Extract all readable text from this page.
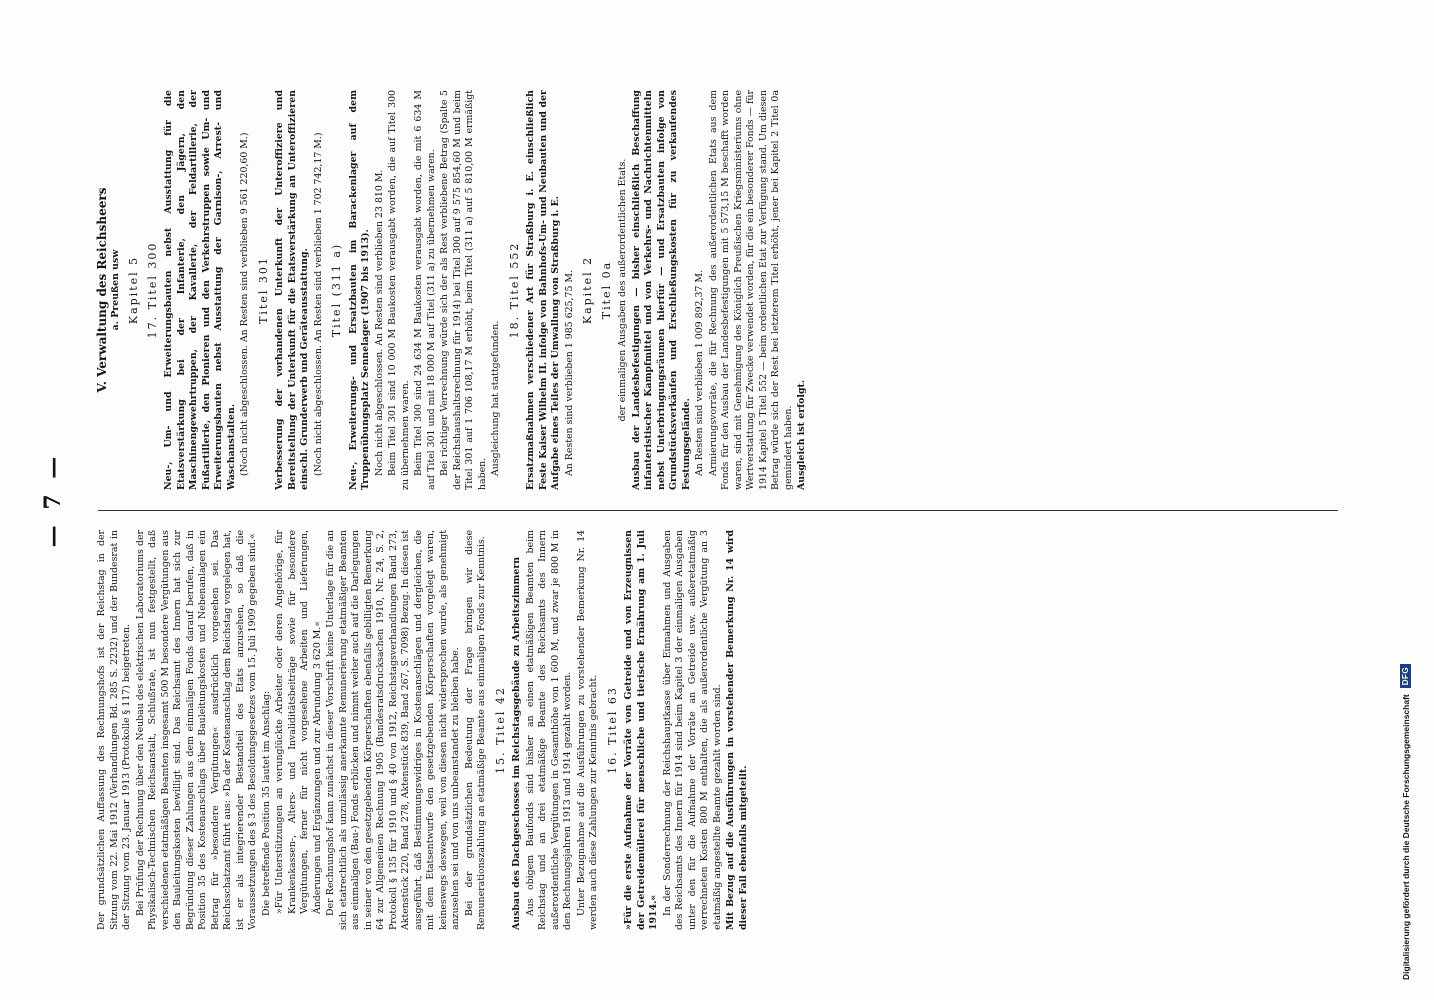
— 7 —

Der grundsätzlichen Auffassung des Rechnungshofs ist der Reichstag in der Sitzung vom 22. Mai 1912 (Verhandlungen Bd. 285 S. 2232) und der Bundesrat in der Sitzung vom 23. Januar 1913 (Protokolle § 117) beigetreten. Bei Prüfung der Rechnung über den Neubau des elektrischen Laboratoriums der Physikalisch-Technischen Reichsanstalt, Schlußrate, ist nun festgestellt, daß verschiedenen etatmäßigen Beamten insgesamt 500 M besondere Vergütungen aus den Bauleitungskosten bewilligt sind. Das Reichsamt des Innern hat sich zur Begründung dieser Zahlungen aus dem einmaligen Fonds darauf berufen, daß in Position 35 des Kostenanschlags über Bauleitungskosten und Nebenanlagen ein Betrag für »besondere Vergütungen« ausdrücklich vorgesehen sei. Das Reichsschatzamt führt aus: »Da der Kostenanschlag dem Reichstag vorgelegen hat, ist er als integrierender Bestandteil des Etats anzusehen, so daß die Voraussetzungen des § 3 des Besoldungsgesetzes vom 15. Juli 1909 gegeben sind.« Die betreffende Position 35 lautet im Anschlag: »Für Unterstützungen an verunglückte Arbeiter oder deren Angehörige, für Krankenkassen-, Alters- und Invaliditätsbeiträge sowie für besondere Vergütungen, ferner für nicht vorgesehene Arbeiten und Lieferungen, Änderungen und Ergänzungen und zur Abrundung 3 620 M.« Der Rechnungshof kann zunächst in dieser Vorschrift keine Unterlage für die an sich etatrechtlich als unzulässig anerkannte Remunerierung etatmäßiger Beamten aus einmaligen (Bau-) Fonds erblicken und nimmt weiter auch auf die Darlegungen in seiner von den gesetzgebenden Körperschaften ebenfalls gebilligten Bemerkung 64 zur Allgemeinen Rechnung 1905 (Bundesratsdrucksachen 1910, Nr. 24, S. 2, Protokoll § 135 für 1910 und § 40 von 1912, Reichstagsverhandlungen Band 273, Aktenstück 220, Band 278, Aktenstück 839, Band 267, S. 7098) Bezug. In diesen ist ausgeführt, daß Bestimmungswidriges in Kostenanschlägen und dergleichen, die mit dem Etatsentwurfe den gesetzgebenden Körperschaften vorgelegt waren, keineswegs deswegen, weil von diesen nicht widersprochen wurde, als genehmigt anzusehen sei und von uns unbeanstandet zu bleiben habe. Bei der grundsätzlichen Bedeutung der Frage bringen wir diese Remunerationszahlung an etatmäßige Beamte aus einmaligen Fonds zur Kenntnis. 15. Titel 42 Ausbau des Dachgeschosses im Reichstagsgebäude zu Arbeitszimmern Aus obigem Baufonds sind bisher an einen etatmäßigen Beamten beim Reichstag und an drei etatmäßige Beamte des Reichsamts des Innern außerordentliche Vergütungen in Gesamthöhe von 1 600 M, und zwar je 800 M in den Rechnungsjahren 1913 und 1914 gezahlt worden. Unter Bezugnahme auf die Ausführungen zu vorstehender Bemerkung Nr. 14 werden auch diese Zahlungen zur Kenntnis gebracht. 16. Titel 63 »Für die erste Aufnahme der Vorräte von Getreide und von Erzeugnissen der Getreidemüllerei für menschliche und tierische Ernährung am 1. Juli 1914.« In der Sonderrechnung der Reichshauptkasse über Einnahmen und Ausgaben des Reichsamts des Innern für 1914 sind beim Kapitel 3 der einmaligen Ausgaben unter den für die Aufnahme der Vorräte an Getreide usw. außeretatmäßig verrechneten Kosten 800 M enthalten, die als außerordentliche Vergütung an 3 etatmäßig angestellte Beamte gezahlt worden sind. Mit Bezug auf die Ausführungen in vorstehender Bemerkung Nr. 14 wird dieser Fall ebenfalls mitgeteilt.

V. Verwaltung des Reichsheers a. Preußen usw Kapitel 5 17. Titel 300 Neu-, Um- und Erweiterungsbauten nebst Ausstattung für die Etatsverstärkung bei der Infanterie, den Jägern, den Maschinengewehrtruppen, der Kavallerie, der Feldartillerie, der Fußartillerie, den Pionieren und den Verkehrstruppen sowie Um- und Erweiterungsbauten nebst Ausstattung der Garnison-, Arrest- und Waschanstalten. (Noch nicht abgeschlossen. An Resten sind verblieben 9 561 220,60 M.) Titel 301 Verbesserung der vorhandenen Unterkunft der Unteroffiziere und Bereitstellung der Unterkunft für die Etatsverstärkung an Unteroffizieren einschl. Grunderwerb und Geräteausstattung. (Noch nicht abgeschlossen. An Resten sind verblieben 1 702 742,17 M.) Titel (311 a) Neu-, Erweiterungs- und Ersatzbauten im Barackenlager auf dem Truppenübungsplatz Sennelager (1907 bis 1913). Noch nicht abgeschlossen. An Resten sind verblieben 23 810 M. Beim Titel 301 sind 10 000 M Baukosten verausgabt worden, die auf Titel 300 zu übernehmen waren. Beim Titel 300 sind 24 634 M Baukosten verausgabt worden, die mit 6 634 M auf Titel 301 und mit 18 000 M auf Titel (311 a) zu übernehmen waren. Bei richtiger Verrechnung würde sich der als Rest verbliebene Betrag (Spalte 5 der Reichshaushaltsrechnung für 1914) bei Titel 300 auf 9 575 854,60 M und beim Titel 301 auf 1 706 108,17 M erhöht, beim Titel (311 a) auf 5 810,00 M ermäßigt haben. Ausgleichung hat stattgefunden.

18. Titel 552 Ersatzmaßnahmen verschiedener Art für Straßburg i. E. einschließlich Feste Kaiser Wilhelm II. infolge von Bahnhofs-Um- und Neubauten und der Aufgabe eines Teiles der Umwallung von Straßburg i. E. An Resten sind verblieben 1 985 625,75 M. Kapitel 2 Titel 0a der einmaligen Ausgaben des außerordentlichen Etats. Ausbau der Landesbefestigungen — bisher einschließlich Beschaffung infanteristischer Kampfmittel und von Verkehrs- und Nachrichtenmitteln nebst Unterbringungsräumen hierfür — und Ersatzbauten infolge von Grundstücksverkäufen und Erschließungskosten für zu verkaufendes Festungsgelände. An Resten sind verblieben 1 009 892,37 M. Armierungsvorräte, die für Rechnung des außerordentlichen Etats aus dem Fonds für den Ausbau der Landesbefestigungen mit 5 573,15 M beschafft worden waren, sind mit Genehmigung des Königlich Preußischen Kriegsministeriums ohne Wertverstattung für Zwecke verwendet worden, für die ein besonderer Fonds — für 1914 Kapitel 5 Titel 552 — beim ordentlichen Etat zur Verfügung stand. Um diesen Betrag würde sich der Rest bei letzterem Titel erhöht, jener bei Kapitel 2 Titel 0a gemindert haben. Ausgleich ist erfolgt.

Digitalisierung gefördert durch die Deutsche Forschungsgemeinschaft
DFG
